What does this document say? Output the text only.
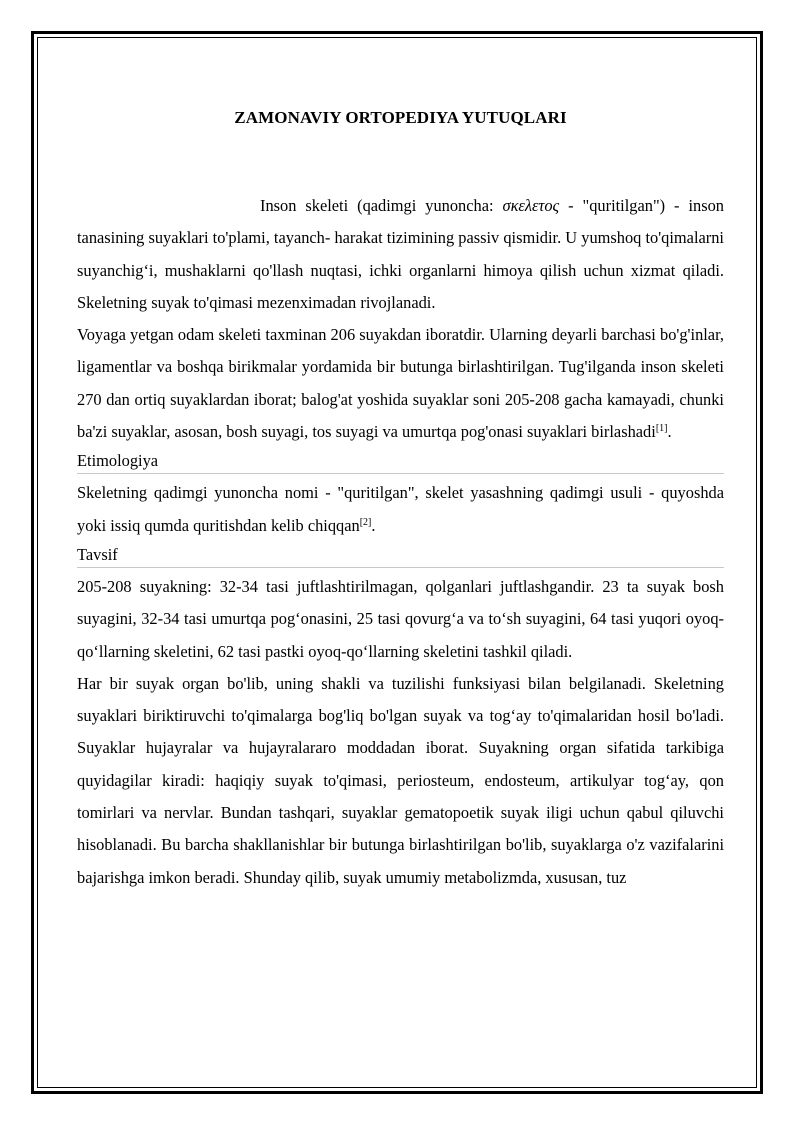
ZAMONAVIY ORTOPEDIYA YUTUQLARI

Inson skeleti (qadimgi yunoncha: σκελετος - "quritilgan") - inson tanasining suyaklari to'plami, tayanch- harakat tizimining passiv qismidir. U yumshoq to'qimalarni suyanchig‘i, mushaklarni qo'llash nuqtasi, ichki organlarni himoya qilish uchun xizmat qiladi. Skeletning suyak to'qimasi mezenximadan rivojlanadi.

Voyaga yetgan odam skeleti taxminan 206 suyakdan iboratdir. Ularning deyarli barchasi bo'g'inlar, ligamentlar va boshqa birikmalar yordamida bir butunga birlashtirilgan. Tug'ilganda inson skeleti 270 dan ortiq suyaklardan iborat; balog'at yoshida suyaklar soni 205-208 gacha kamayadi, chunki ba'zi suyaklar, asosan, bosh suyagi, tos suyagi va umurtqa pog'onasi suyaklari birlashadi[1].

Etimologiya

Skeletning qadimgi yunoncha nomi - "quritilgan", skelet yasashning qadimgi usuli - quyoshda yoki issiq qumda quritishdan kelib chiqqan[2].

Tavsif

205-208 suyakning: 32-34 tasi juftlashtirilmagan, qolganlari juftlashgandir. 23 ta suyak bosh suyagini, 32-34 tasi umurtqa pog‘onasini, 25 tasi qovurg‘a va to‘sh suyagini, 64 tasi yuqori oyoq-qo‘llarning skeletini, 62 tasi pastki oyoq-qo‘llarning skeletini tashkil qiladi.

Har bir suyak organ bo'lib, uning shakli va tuzilishi funksiyasi bilan belgilanadi. Skeletning suyaklari biriktiruvchi to'qimalarga bog'liq bo'lgan suyak va tog‘ay to'qimalaridan hosil bo'ladi. Suyaklar hujayralar va hujayralararo moddadan iborat. Suyakning organ sifatida tarkibiga quyidagilar kiradi: haqiqiy suyak to'qimasi, periosteum, endosteum, artikulyar tog‘ay, qon tomirlari va nervlar. Bundan tashqari, suyaklar gematopoetik suyak iligi uchun qabul qiluvchi hisoblanadi. Bu barcha shakllanishlar bir butunga birlashtirilgan bo'lib, suyaklarga o'z vazifalarini bajarishga imkon beradi. Shunday qilib, suyak umumiy metabolizmda, xususan, tuz
